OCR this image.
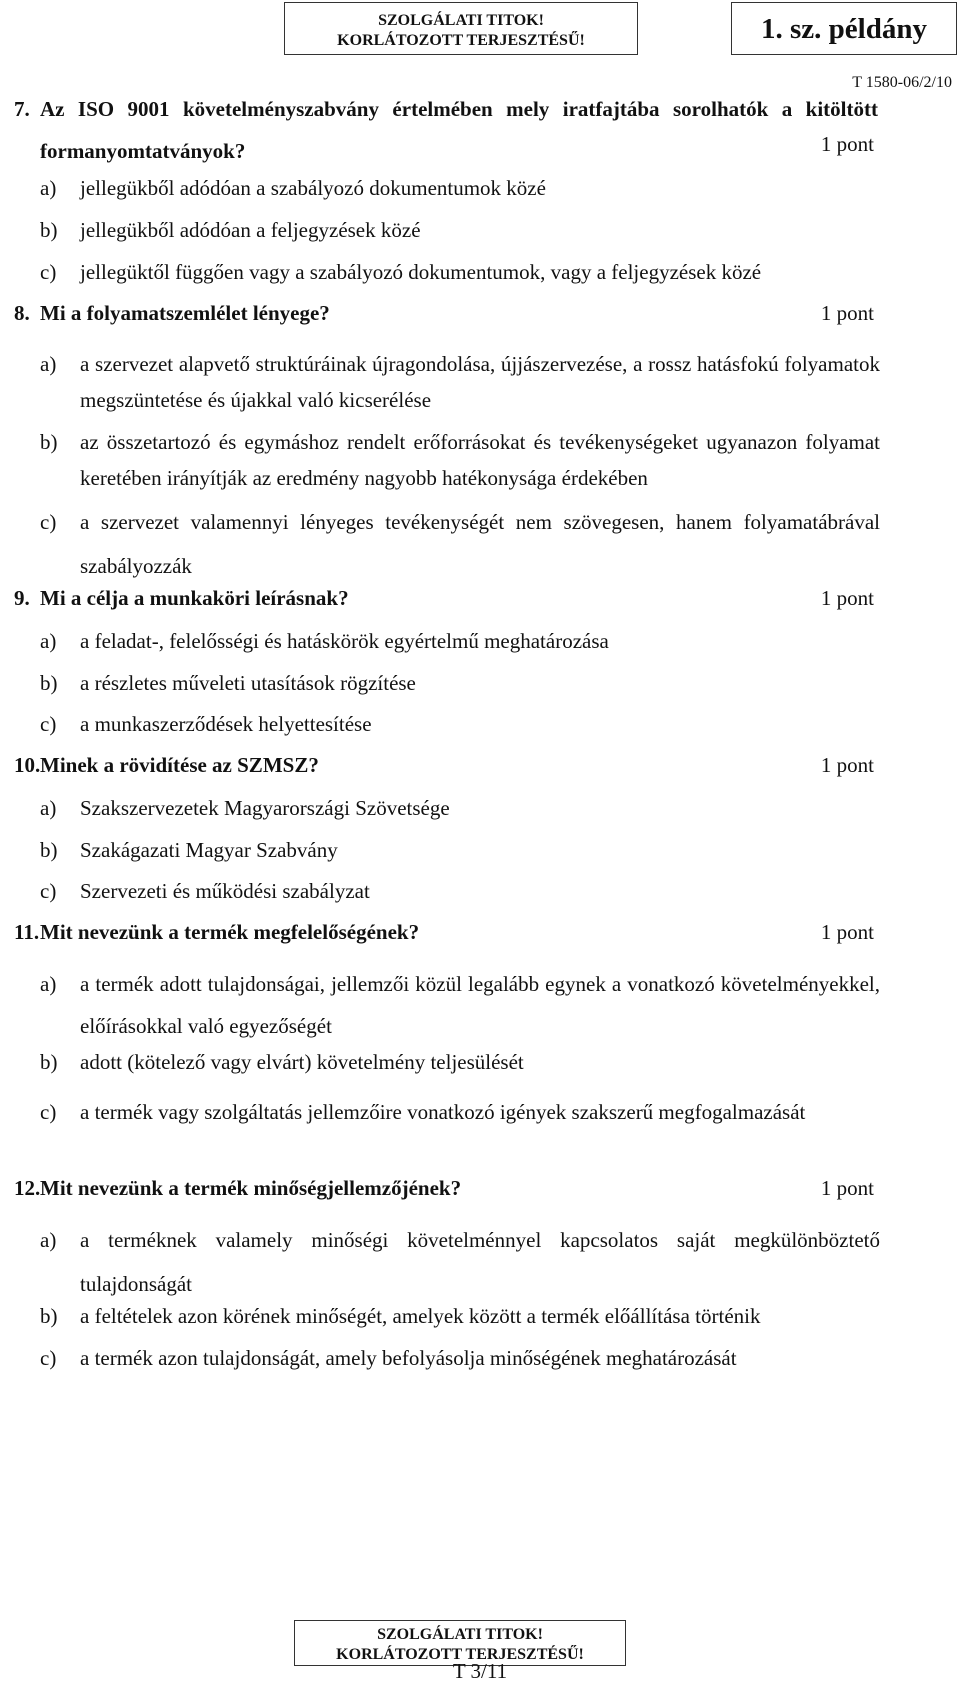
SZOLGÁLATI TITOK!
KORLÁTOZOTT TERJESZTÉSŰ!	1. sz. példány
T 1580-06/2/10
7. Az ISO 9001 követelményszabvány értelmében mely iratfajtába sorolhatók a kitöltött formanyomtatványok?	1 pont
a) jellegükből adódóan a szabályozó dokumentumok közé
b) jellegükből adódóan a feljegyzések közé
c) jellegüktől függően vagy a szabályozó dokumentumok, vagy a feljegyzések közé
8. Mi a folyamatszemlélet lényege?	1 pont
a) a szervezet alapvető struktúráinak újragondolása, újjászervezése, a rossz hatásfokú folyamatok megszüntetése és újakkal való kicserélése
b) az összetartozó és egymáshoz rendelt erőforrásokat és tevékenységeket ugyanazon folyamat keretében irányítják az eredmény nagyobb hatékonysága érdekében
c) a szervezet valamennyi lényeges tevékenységét nem szövegesen, hanem folyamatábrával szabályozzák
9. Mi a célja a munkaköri leírásnak?	1 pont
a) a feladat-, felelősségi és hatáskörök egyértelmű meghatározása
b) a részletes műveleti utasítások rögzítése
c) a munkaszerződések helyettesítése
10. Minek a rövidítése az SZMSZ?	1 pont
a) Szakszervezetek Magyarországi Szövetsége
b) Szakágazati Magyar Szabvány
c) Szervezeti és működési szabályzat
11. Mit nevezünk a termék megfelelőségének?	1 pont
a) a termék adott tulajdonságai, jellemzői közül legalább egynek a vonatkozó követelményekkel, előírásokkal való egyezőségét
b) adott (kötelező vagy elvárt) követelmény teljesülését
c) a termék vagy szolgáltatás jellemzőire vonatkozó igények szakszerű megfogalmazását
12. Mit nevezünk a termék minőségjellemzőjének?	1 pont
a) a terméknek valamely minőségi követelménnyel kapcsolatos saját megkülönböztető tulajdonságát
b) a feltételek azon körének minőségét, amelyek között a termék előállítása történik
c) a termék azon tulajdonságát, amely befolyásolja minőségének meghatározását
SZOLGÁLATI TITOK!
KORLÁTOZOTT TERJESZTÉSŰ!
T 3/11
